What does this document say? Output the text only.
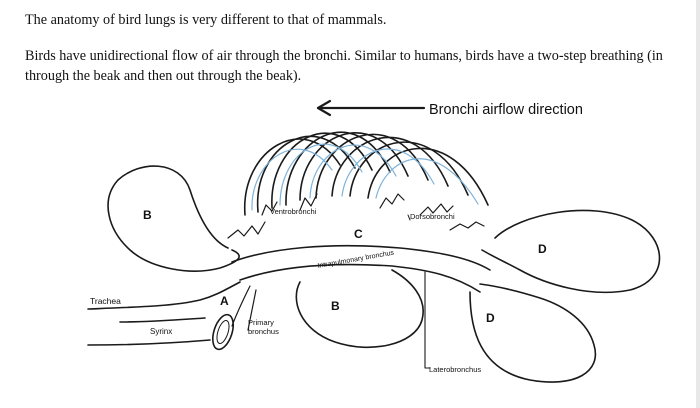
The anatomy of bird lungs is very different to that of mammals.

Birds have unidirectional flow of air through the bronchi. Similar to humans, birds have a two-step breathing (in through the beak and then out through the beak).

Bronchi airflow direction
B
C
D
A	B
D
Trachea
Syrinx
Ventrobronchi
Dorsobronchi
Intrapulmonary bronchus
Laterobronchus
Primary bronchus
